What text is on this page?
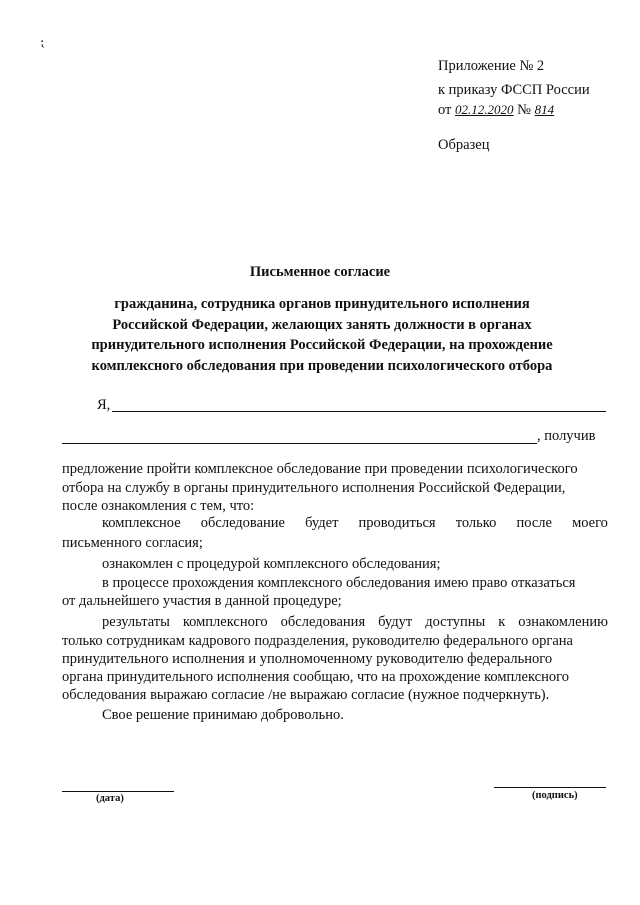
⁏
Приложение № 2
к приказу ФССП России
от 02.12.2020 № 814
Образец
Письменное согласие
гражданина, сотрудника органов принудительного исполнения
Российской Федерации, желающих занять должности в органах
принудительного исполнения Российской Федерации, на прохождение
комплексного обследования при проведении психологического отбора
Я,
, получив
предложение пройти комплексное обследование при проведении психологического
отбора на службу в органы принудительного исполнения Российской Федерации,
после ознакомления с тем, что:
комплексное обследование будет проводиться только после моего
письменного согласия;
ознакомлен с процедурой комплексного обследования;
в процессе прохождения комплексного обследования имею право отказаться
от дальнейшего участия в данной процедуре;
результаты комплексного обследования будут доступны к ознакомлению
только сотрудникам кадрового подразделения, руководителю федерального органа
принудительного исполнения и уполномоченному руководителю федерального
органа принудительного исполнения сообщаю, что на прохождение комплексного
обследования выражаю согласие /не выражаю согласие (нужное подчеркнуть).
Свое решение принимаю добровольно.
(дата)	(подпись)
